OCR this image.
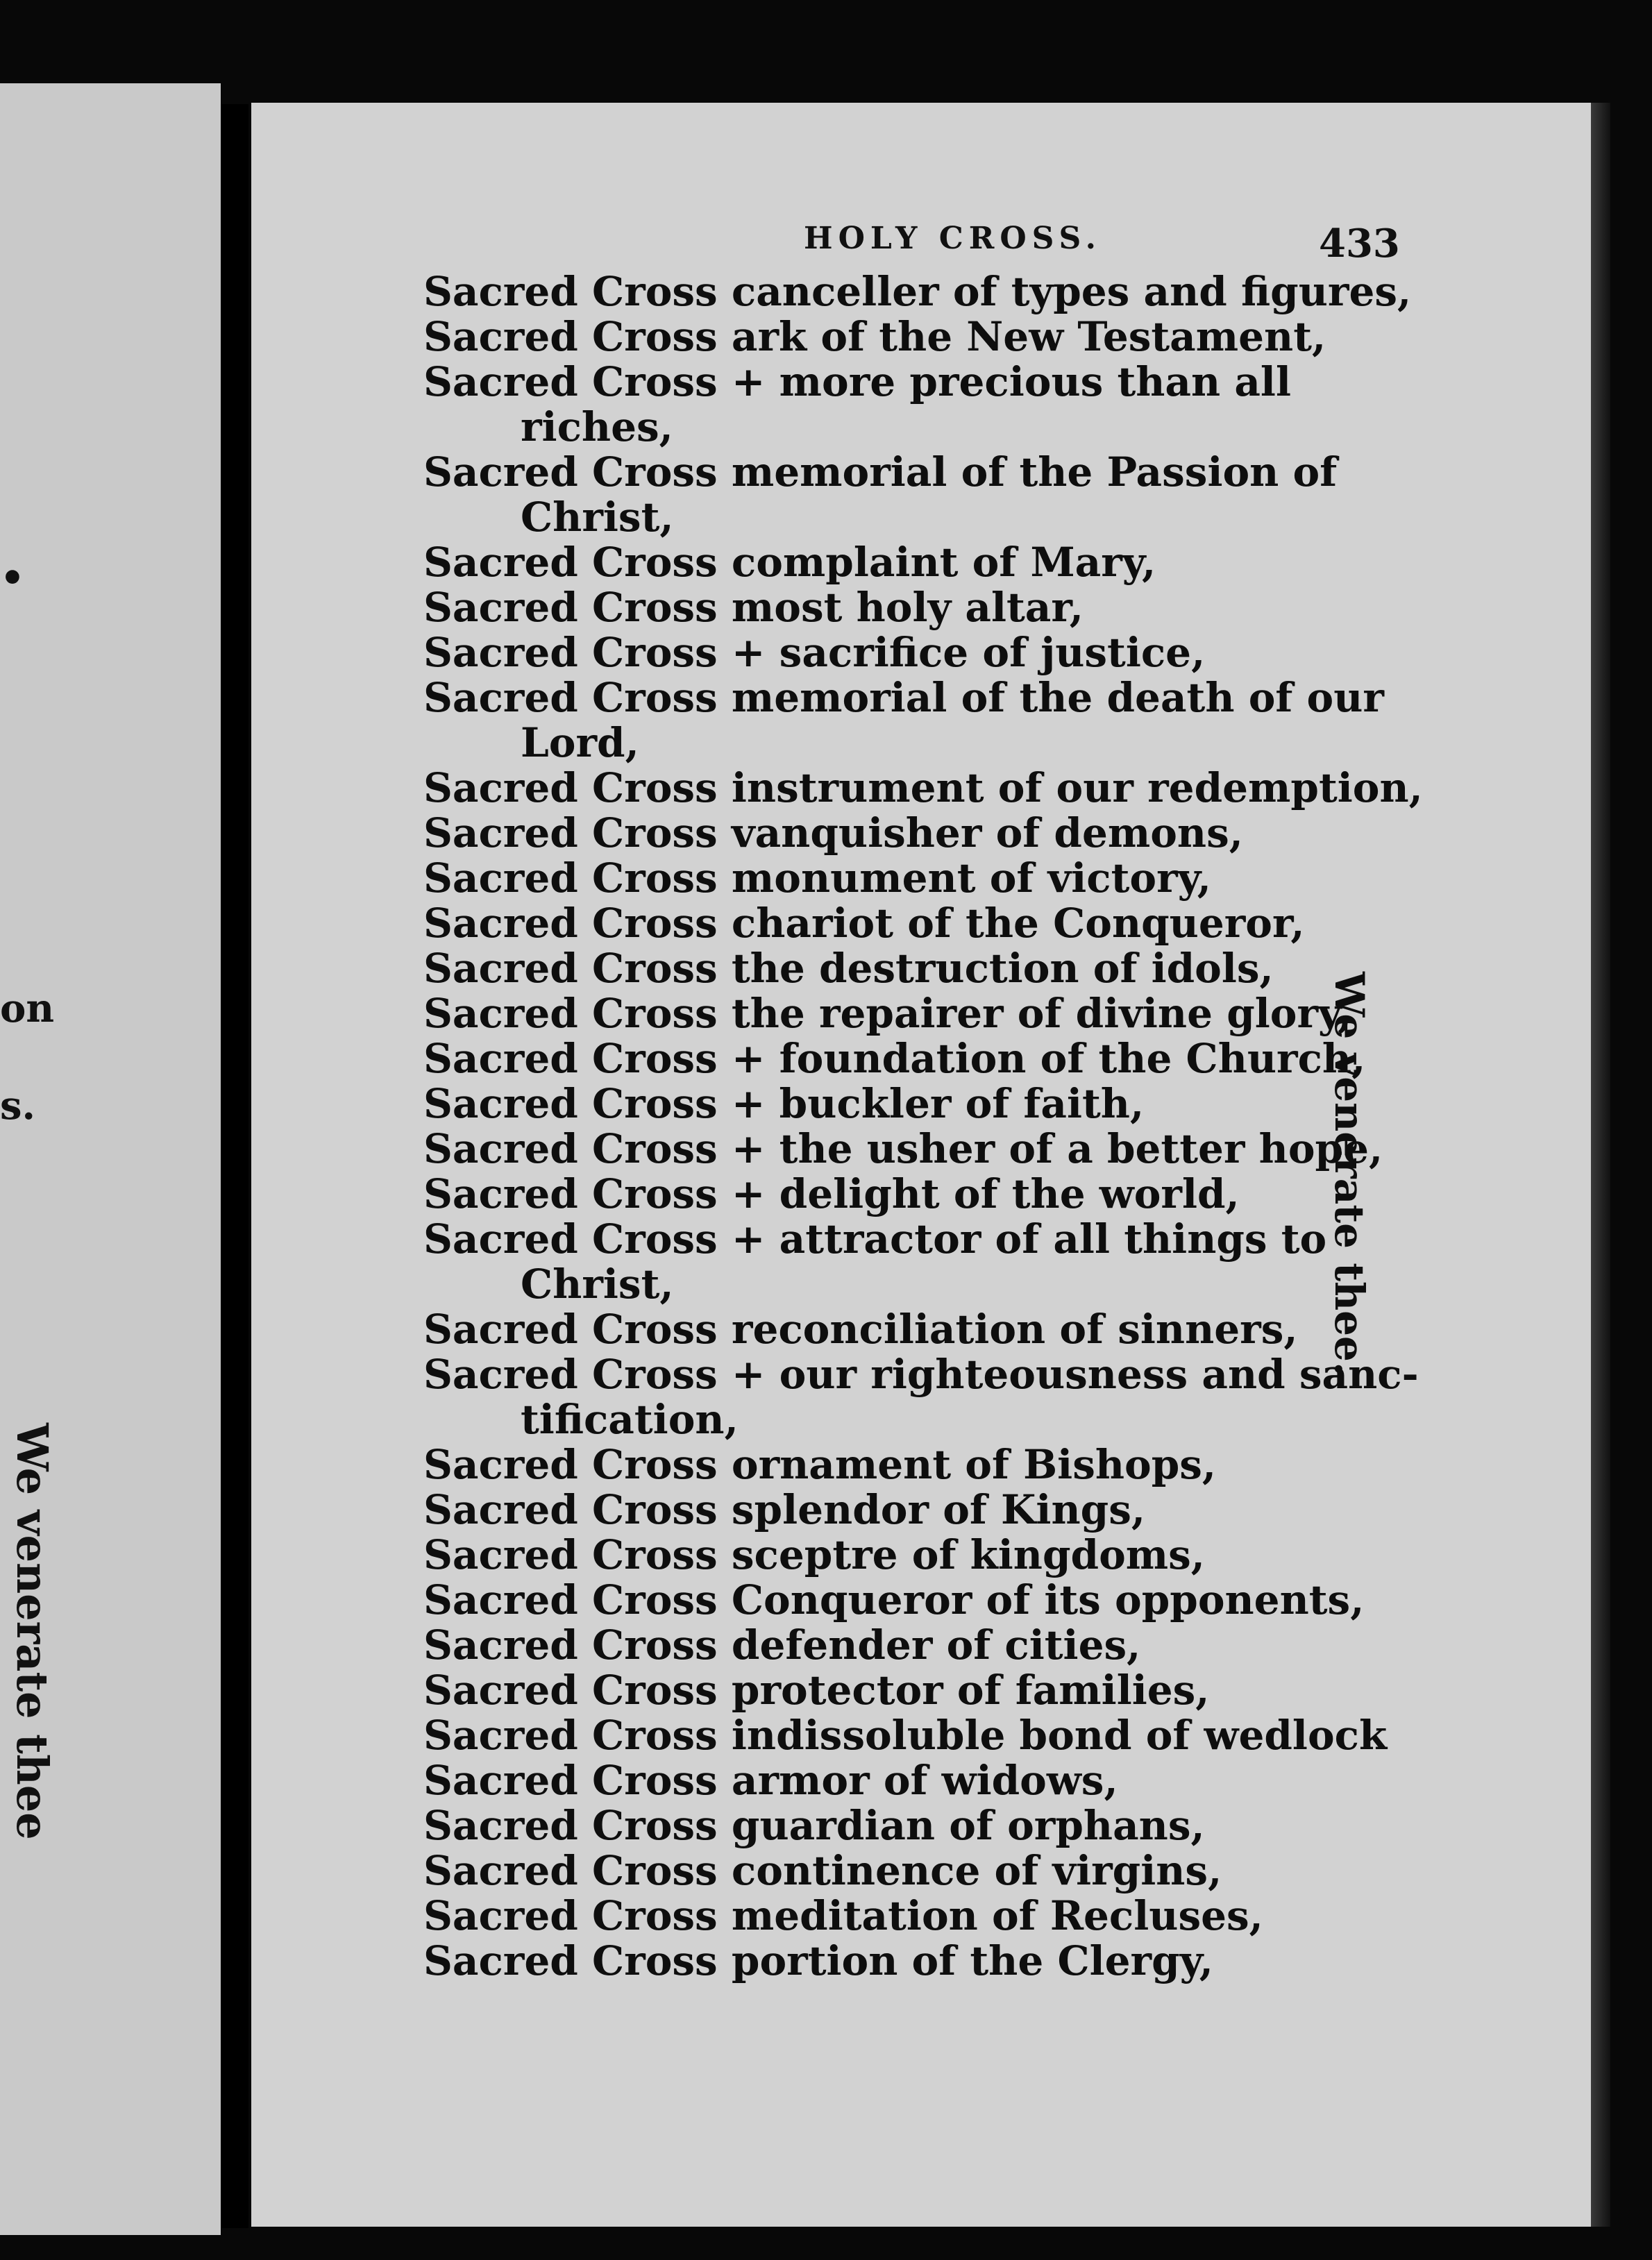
•
on
s.
We venerate thee
HOLY CROSS.	433
Sacred Cross canceller of types and figures,
Sacred Cross ark of the New Testament,
Sacred Cross + more precious than all
riches,
Sacred Cross memorial of the Passion of
Christ,
Sacred Cross complaint of Mary,
Sacred Cross most holy altar,
Sacred Cross + sacrifice of justice,
Sacred Cross memorial of the death of our
Lord,
Sacred Cross instrument of our redemption,
Sacred Cross vanquisher of demons,
Sacred Cross monument of victory,
Sacred Cross chariot of the Conqueror,
Sacred Cross the destruction of idols,
Sacred Cross the repairer of divine glory,
Sacred Cross + foundation of the Church,
Sacred Cross + buckler of faith,
Sacred Cross + the usher of a better hope,
Sacred Cross + delight of the world,
Sacred Cross + attractor of all things to
Christ,
Sacred Cross reconciliation of sinners,
Sacred Cross + our righteousness and sanc-
tification,
Sacred Cross ornament of Bishops,
Sacred Cross splendor of Kings,
Sacred Cross sceptre of kingdoms,
Sacred Cross Conqueror of its opponents,
Sacred Cross defender of cities,
Sacred Cross protector of families,
Sacred Cross indissoluble bond of wedlock
Sacred Cross armor of widows,
Sacred Cross guardian of orphans,
Sacred Cross continence of virgins,
Sacred Cross meditation of Recluses,
Sacred Cross portion of the Clergy,
We venerate thee.
